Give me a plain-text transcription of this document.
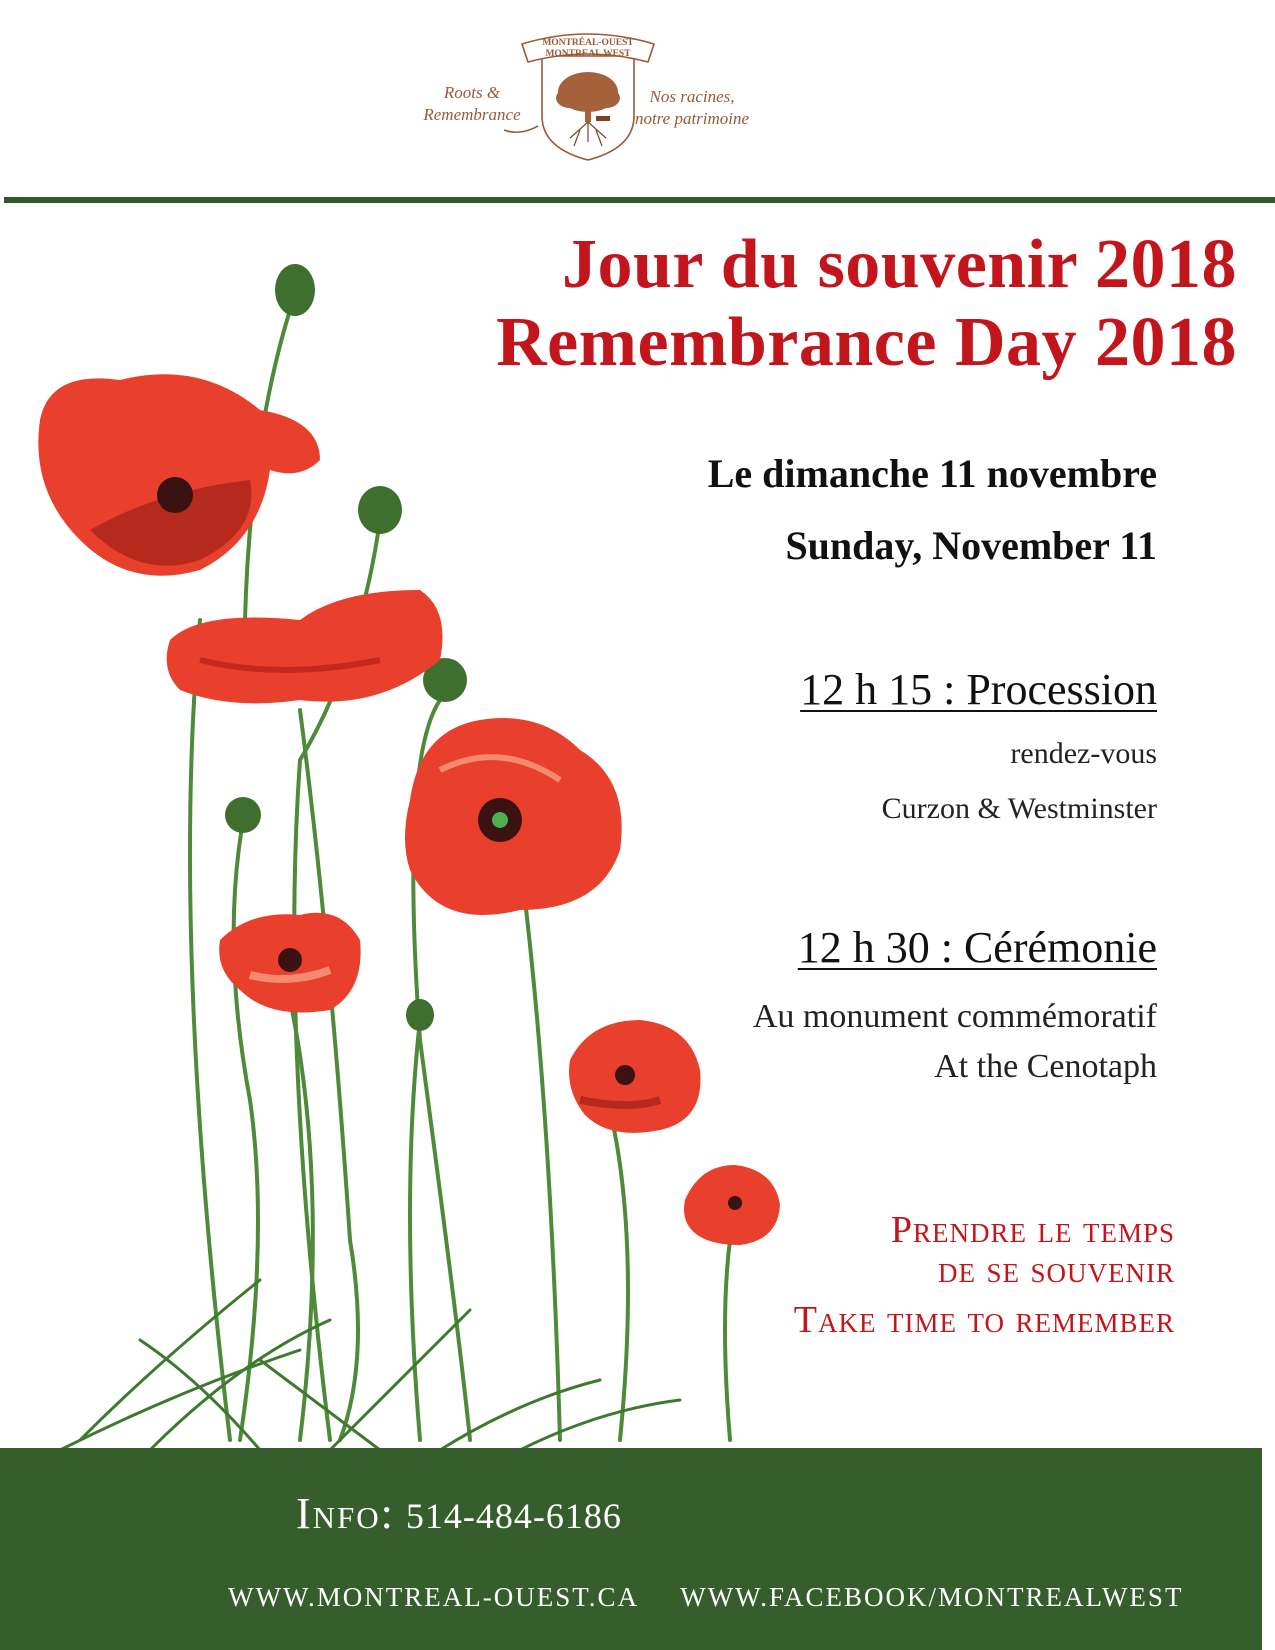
MONTRÉAL-OUEST
MONTREAL WEST
Roots &
Remembrance
Nos racines,
notre patrimoine
Jour du souvenir 2018
Remembrance Day 2018
Le dimanche 11 novembre
Sunday, November 11
12 h 15 : Procession
rendez-vous
Curzon & Westminster
12 h 30 : Cérémonie
Au monument commémoratif
At the Cenotaph
Prendre le temps
de se souvenir
Take time to remember
Info: 514-484-6186
WWW.MONTREAL-OUEST.CA WWW.FACEBOOK/MONTREALWEST
